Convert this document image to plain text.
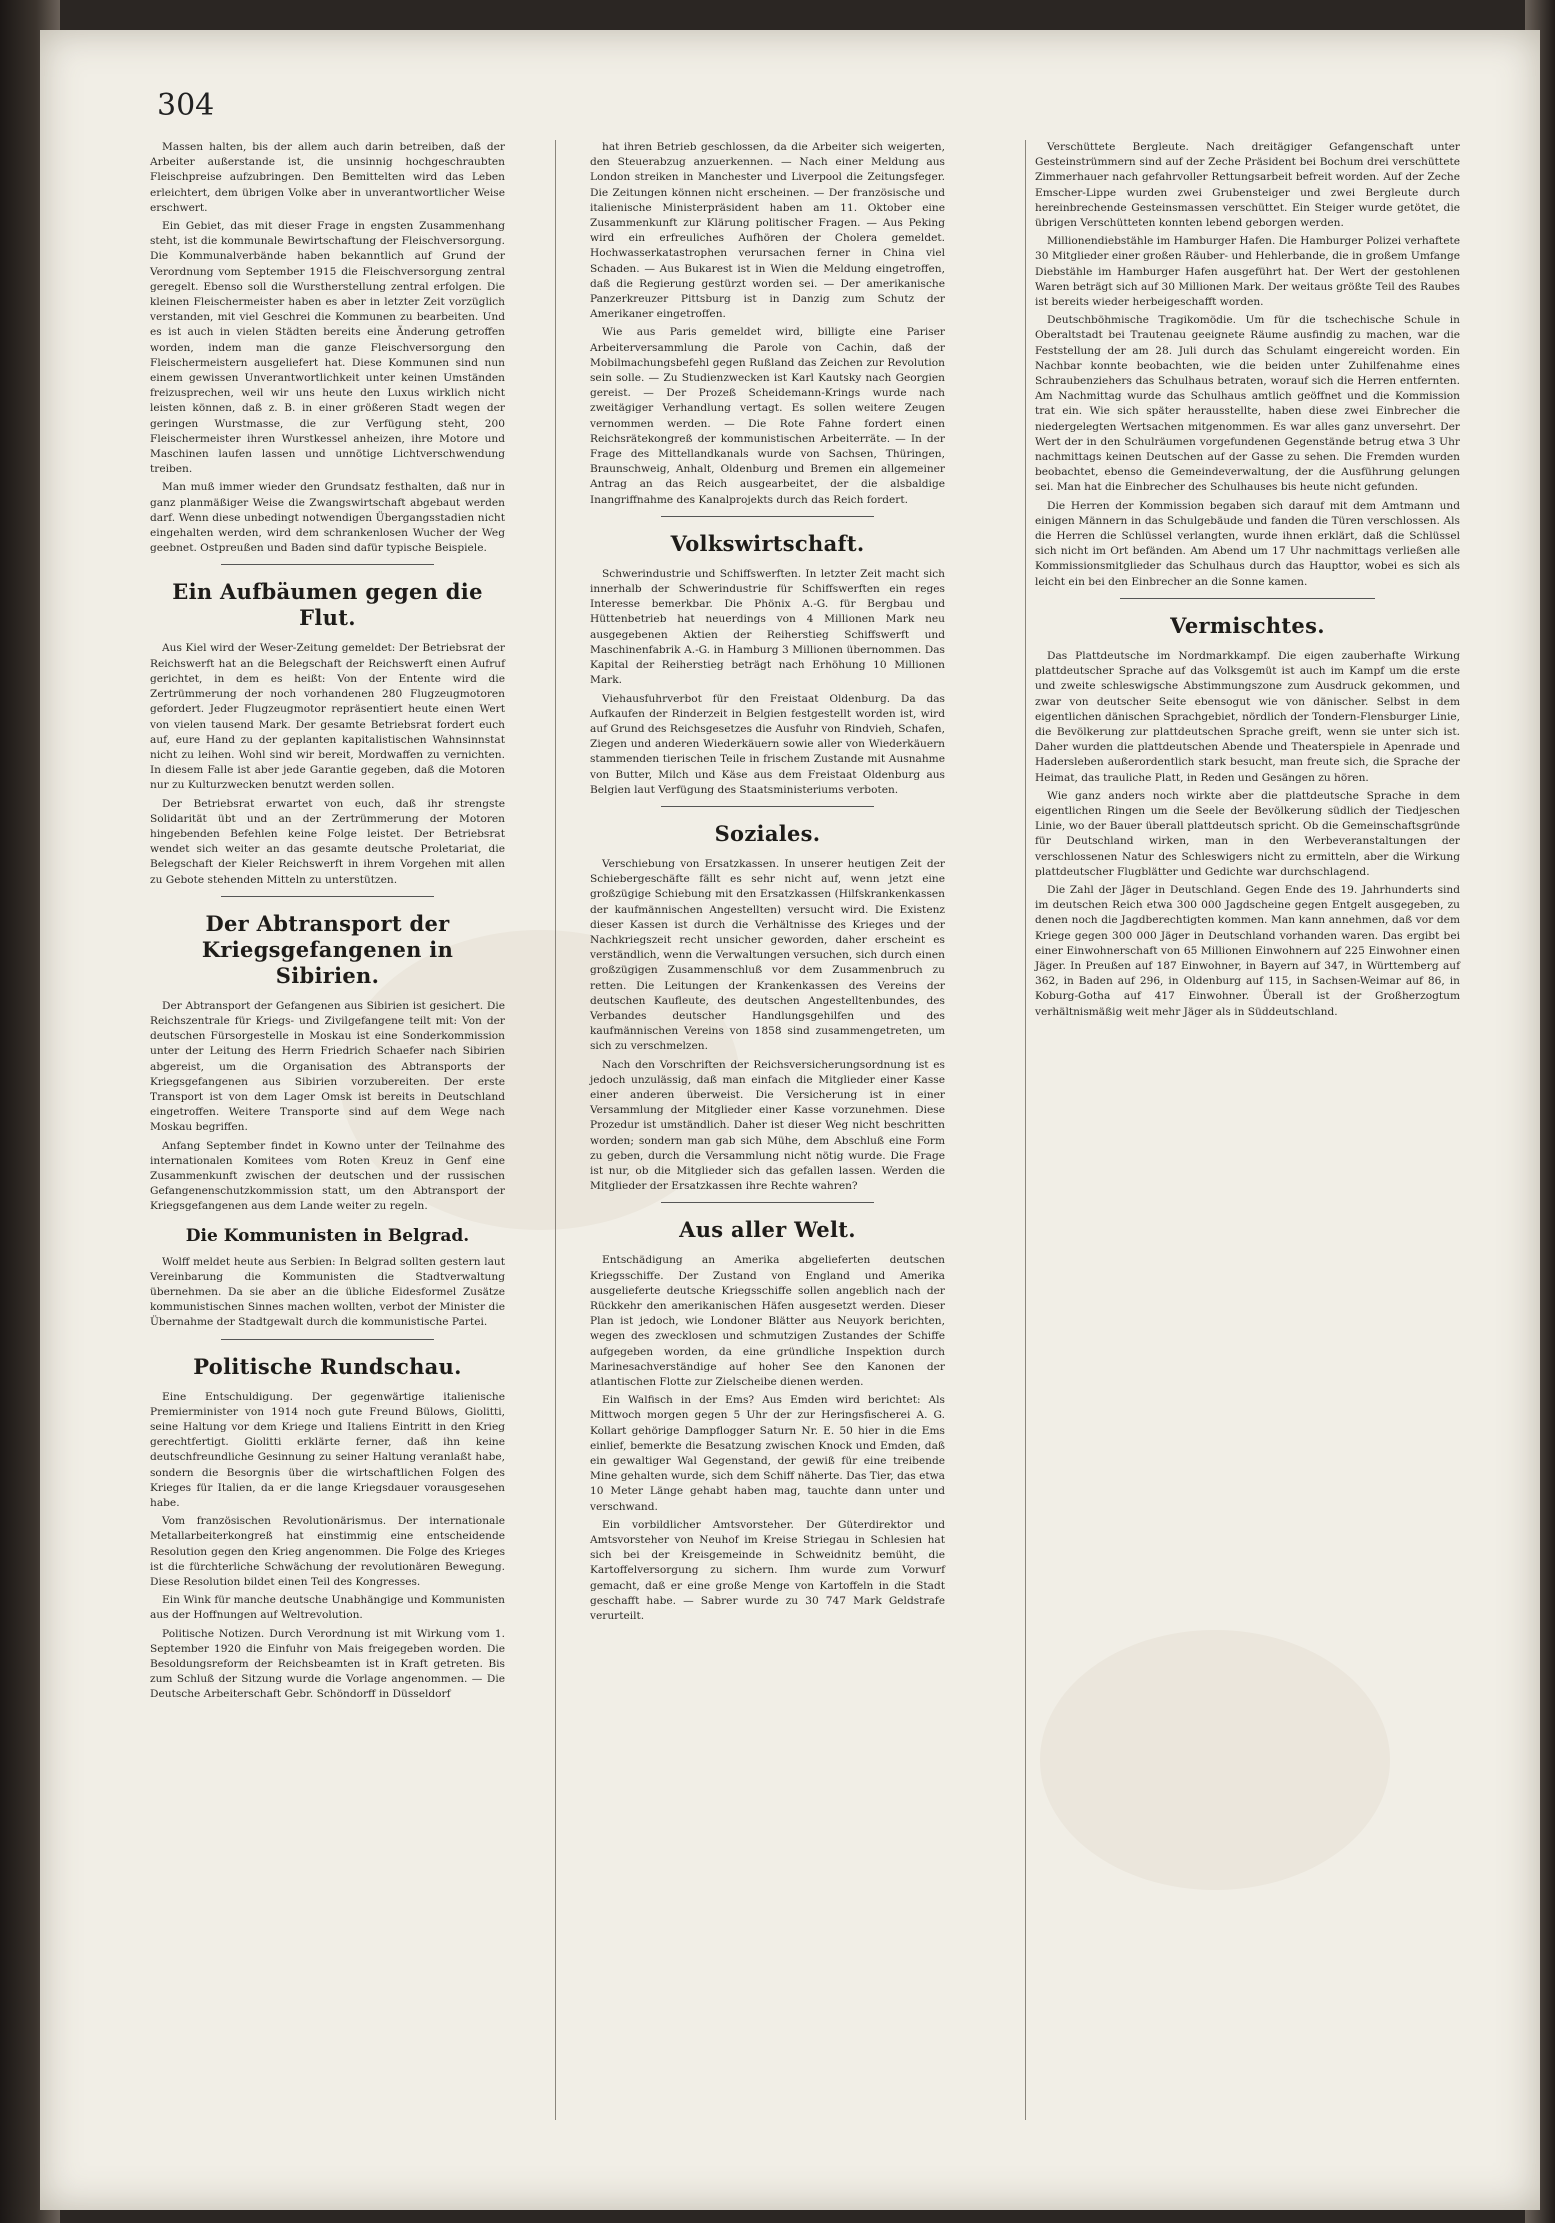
304

Massen halten, bis der allem auch darin betreiben, daß der Arbeiter außerstande ist, die unsinnig hochgeschraubten Fleischpreise aufzubringen. Den Bemittelten wird das Leben erleichtert, dem übrigen Volke aber in unverantwortlicher Weise erschwert.

Ein Gebiet, das mit dieser Frage in engsten Zusammenhang steht, ist die kommunale Bewirtschaftung der Fleischversorgung. Die Kommunalverbände haben bekanntlich auf Grund der Verordnung vom September 1915 die Fleischversorgung zentral geregelt. Ebenso soll die Wurstherstellung zentral erfolgen. Die kleinen Fleischermeister haben es aber in letzter Zeit vorzüglich verstanden, mit viel Geschrei die Kommunen zu bearbeiten. Und es ist auch in vielen Städten bereits eine Änderung getroffen worden, indem man die ganze Fleischversorgung den Fleischermeistern ausgeliefert hat. Diese Kommunen sind nun einem gewissen Unverantwortlichkeit unter keinen Umständen freizusprechen, weil wir uns heute den Luxus wirklich nicht leisten können, daß z. B. in einer größeren Stadt wegen der geringen Wurstmasse, die zur Verfügung steht, 200 Fleischermeister ihren Wurstkessel anheizen, ihre Motore und Maschinen laufen lassen und unnötige Lichtverschwendung treiben.

Man muß immer wieder den Grundsatz festhalten, daß nur in ganz planmäßiger Weise die Zwangswirtschaft abgebaut werden darf. Wenn diese unbedingt notwendigen Übergangsstadien nicht eingehalten werden, wird dem schrankenlosen Wucher der Weg geebnet. Ostpreußen und Baden sind dafür typische Beispiele.

Ein Aufbäumen gegen die Flut.

Aus Kiel wird der Weser-Zeitung gemeldet: Der Betriebsrat der Reichswerft hat an die Belegschaft der Reichswerft einen Aufruf gerichtet, in dem es heißt: Von der Entente wird die Zertrümmerung der noch vorhandenen 280 Flugzeugmotoren gefordert. Jeder Flugzeugmotor repräsentiert heute einen Wert von vielen tausend Mark. Der gesamte Betriebsrat fordert euch auf, eure Hand zu der geplanten kapitalistischen Wahnsinnstat nicht zu leihen. Wohl sind wir bereit, Mordwaffen zu vernichten. In diesem Falle ist aber jede Garantie gegeben, daß die Motoren nur zu Kulturzwecken benutzt werden sollen.

Der Betriebsrat erwartet von euch, daß ihr strengste Solidarität übt und an der Zertrümmerung der Motoren hingebenden Befehlen keine Folge leistet. Der Betriebsrat wendet sich weiter an das gesamte deutsche Proletariat, die Belegschaft der Kieler Reichswerft in ihrem Vorgehen mit allen zu Gebote stehenden Mitteln zu unterstützen.

Der Abtransport der Kriegsgefangenen in Sibirien.

Der Abtransport der Gefangenen aus Sibirien ist gesichert. Die Reichszentrale für Kriegs- und Zivilgefangene teilt mit: Von der deutschen Fürsorgestelle in Moskau ist eine Sonderkommission unter der Leitung des Herrn Friedrich Schaefer nach Sibirien abgereist, um die Organisation des Abtransports der Kriegsgefangenen aus Sibirien vorzubereiten. Der erste Transport ist von dem Lager Omsk ist bereits in Deutschland eingetroffen. Weitere Transporte sind auf dem Wege nach Moskau begriffen.

Anfang September findet in Kowno unter der Teilnahme des internationalen Komitees vom Roten Kreuz in Genf eine Zusammenkunft zwischen der deutschen und der russischen Gefangenenschutzkommission statt, um den Abtransport der Kriegsgefangenen aus dem Lande weiter zu regeln.

Die Kommunisten in Belgrad.

Wolff meldet heute aus Serbien: In Belgrad sollten gestern laut Vereinbarung die Kommunisten die Stadtverwaltung übernehmen. Da sie aber an die übliche Eidesformel Zusätze kommunistischen Sinnes machen wollten, verbot der Minister die Übernahme der Stadtgewalt durch die kommunistische Partei.

Politische Rundschau.

Eine Entschuldigung. Der gegenwärtige italienische Premierminister von 1914 noch gute Freund Bülows, Giolitti, seine Haltung vor dem Kriege und Italiens Eintritt in den Krieg gerechtfertigt. Giolitti erklärte ferner, daß ihn keine deutschfreundliche Gesinnung zu seiner Haltung veranlaßt habe, sondern die Besorgnis über die wirtschaftlichen Folgen des Krieges für Italien, da er die lange Kriegsdauer vorausgesehen habe.

Vom französischen Revolutionärismus. Der internationale Metallarbeiterkongreß hat einstimmig eine entscheidende Resolution gegen den Krieg angenommen. Die Folge des Krieges ist die fürchterliche Schwächung der revolutionären Bewegung. Diese Resolution bildet einen Teil des Kongresses.

Ein Wink für manche deutsche Unabhängige und Kommunisten aus der Hoffnungen auf Weltrevolution.

Politische Notizen. Durch Verordnung ist mit Wirkung vom 1. September 1920 die Einfuhr von Mais freigegeben worden. Die Besoldungsreform der Reichsbeamten ist in Kraft getreten. Bis zum Schluß der Sitzung wurde die Vorlage angenommen. — Die Deutsche Arbeiterschaft Gebr. Schöndorff in Düsseldorf

hat ihren Betrieb geschlossen, da die Arbeiter sich weigerten, den Steuerabzug anzuerkennen. — Nach einer Meldung aus London streiken in Manchester und Liverpool die Zeitungsfeger. Die Zeitungen können nicht erscheinen. — Der französische und italienische Ministerpräsident haben am 11. Oktober eine Zusammenkunft zur Klärung politischer Fragen. — Aus Peking wird ein erfreuliches Aufhören der Cholera gemeldet. Hochwasserkatastrophen verursachen ferner in China viel Schaden. — Aus Bukarest ist in Wien die Meldung eingetroffen, daß die Regierung gestürzt worden sei. — Der amerikanische Panzerkreuzer Pittsburg ist in Danzig zum Schutz der Amerikaner eingetroffen.

Wie aus Paris gemeldet wird, billigte eine Pariser Arbeiterversammlung die Parole von Cachin, daß der Mobilmachungsbefehl gegen Rußland das Zeichen zur Revolution sein solle. — Zu Studienzwecken ist Karl Kautsky nach Georgien gereist. — Der Prozeß Scheidemann-Krings wurde nach zweitägiger Verhandlung vertagt. Es sollen weitere Zeugen vernommen werden. — Die Rote Fahne fordert einen Reichsrätekongreß der kommunistischen Arbeiterräte. — In der Frage des Mittellandkanals wurde von Sachsen, Thüringen, Braunschweig, Anhalt, Oldenburg und Bremen ein allgemeiner Antrag an das Reich ausgearbeitet, der die alsbaldige Inangriffnahme des Kanalprojekts durch das Reich fordert.

Volkswirtschaft.

Schwerindustrie und Schiffswerften. In letzter Zeit macht sich innerhalb der Schwerindustrie für Schiffswerften ein reges Interesse bemerkbar. Die Phönix A.-G. für Bergbau und Hüttenbetrieb hat neuerdings von 4 Millionen Mark neu ausgegebenen Aktien der Reiherstieg Schiffswerft und Maschinenfabrik A.-G. in Hamburg 3 Millionen übernommen. Das Kapital der Reiherstieg beträgt nach Erhöhung 10 Millionen Mark.

Viehausfuhrverbot für den Freistaat Oldenburg. Da das Aufkaufen der Rinderzeit in Belgien festgestellt worden ist, wird auf Grund des Reichsgesetzes die Ausfuhr von Rindvieh, Schafen, Ziegen und anderen Wiederkäuern sowie aller von Wiederkäuern stammenden tierischen Teile in frischem Zustande mit Ausnahme von Butter, Milch und Käse aus dem Freistaat Oldenburg aus Belgien laut Verfügung des Staatsministeriums verboten.

Soziales.

Verschiebung von Ersatzkassen. In unserer heutigen Zeit der Schiebergeschäfte fällt es sehr nicht auf, wenn jetzt eine großzügige Schiebung mit den Ersatzkassen (Hilfskrankenkassen der kaufmännischen Angestellten) versucht wird. Die Existenz dieser Kassen ist durch die Verhältnisse des Krieges und der Nachkriegszeit recht unsicher geworden, daher erscheint es verständlich, wenn die Verwaltungen versuchen, sich durch einen großzügigen Zusammenschluß vor dem Zusammenbruch zu retten. Die Leitungen der Krankenkassen des Vereins der deutschen Kaufleute, des deutschen Angestelltenbundes, des Verbandes deutscher Handlungsgehilfen und des kaufmännischen Vereins von 1858 sind zusammengetreten, um sich zu verschmelzen.

Nach den Vorschriften der Reichsversicherungsordnung ist es jedoch unzulässig, daß man einfach die Mitglieder einer Kasse einer anderen überweist. Die Versicherung ist in einer Versammlung der Mitglieder einer Kasse vorzunehmen. Diese Prozedur ist umständlich. Daher ist dieser Weg nicht beschritten worden; sondern man gab sich Mühe, dem Abschluß eine Form zu geben, durch die Versammlung nicht nötig wurde. Die Frage ist nur, ob die Mitglieder sich das gefallen lassen. Werden die Mitglieder der Ersatzkassen ihre Rechte wahren?

Aus aller Welt.

Entschädigung an Amerika abgelieferten deutschen Kriegsschiffe. Der Zustand von England und Amerika ausgelieferte deutsche Kriegsschiffe sollen angeblich nach der Rückkehr den amerikanischen Häfen ausgesetzt werden. Dieser Plan ist jedoch, wie Londoner Blätter aus Neuyork berichten, wegen des zwecklosen und schmutzigen Zustandes der Schiffe aufgegeben worden, da eine gründliche Inspektion durch Marinesachverständige auf hoher See den Kanonen der atlantischen Flotte zur Zielscheibe dienen werden.

Ein Walfisch in der Ems? Aus Emden wird berichtet: Als Mittwoch morgen gegen 5 Uhr der zur Heringsfischerei A. G. Kollart gehörige Dampflogger Saturn Nr. E. 50 hier in die Ems einlief, bemerkte die Besatzung zwischen Knock und Emden, daß ein gewaltiger Wal Gegenstand, der gewiß für eine treibende Mine gehalten wurde, sich dem Schiff näherte. Das Tier, das etwa 10 Meter Länge gehabt haben mag, tauchte dann unter und verschwand.

Ein vorbildlicher Amtsvorsteher. Der Güterdirektor und Amtsvorsteher von Neuhof im Kreise Striegau in Schlesien hat sich bei der Kreisgemeinde in Schweidnitz bemüht, die Kartoffelversorgung zu sichern. Ihm wurde zum Vorwurf gemacht, daß er eine große Menge von Kartoffeln in die Stadt geschafft habe. — Sabrer wurde zu 30 747 Mark Geldstrafe verurteilt.

Verschüttete Bergleute. Nach dreitägiger Gefangenschaft unter Gesteinstrümmern sind auf der Zeche Präsident bei Bochum drei verschüttete Zimmerhauer nach gefahrvoller Rettungsarbeit befreit worden. Auf der Zeche Emscher-Lippe wurden zwei Grubensteiger und zwei Bergleute durch hereinbrechende Gesteinsmassen verschüttet. Ein Steiger wurde getötet, die übrigen Verschütteten konnten lebend geborgen werden.

Millionendiebstähle im Hamburger Hafen. Die Hamburger Polizei verhaftete 30 Mitglieder einer großen Räuber- und Hehlerbande, die in großem Umfange Diebstähle im Hamburger Hafen ausgeführt hat. Der Wert der gestohlenen Waren beträgt sich auf 30 Millionen Mark. Der weitaus größte Teil des Raubes ist bereits wieder herbeigeschafft worden.

Deutschböhmische Tragikomödie. Um für die tschechische Schule in Oberaltstadt bei Trautenau geeignete Räume ausfindig zu machen, war die Feststellung der am 28. Juli durch das Schulamt eingereicht worden. Ein Nachbar konnte beobachten, wie die beiden unter Zuhilfenahme eines Schraubenziehers das Schulhaus betraten, worauf sich die Herren entfernten. Am Nachmittag wurde das Schulhaus amtlich geöffnet und die Kommission trat ein. Wie sich später herausstellte, haben diese zwei Einbrecher die niedergelegten Wertsachen mitgenommen. Es war alles ganz unversehrt. Der Wert der in den Schulräumen vorgefundenen Gegenstände betrug etwa 3 Uhr nachmittags keinen Deutschen auf der Gasse zu sehen. Die Fremden wurden beobachtet, ebenso die Gemeindeverwaltung, der die Ausführung gelungen sei. Man hat die Einbrecher des Schulhauses bis heute nicht gefunden.

Die Herren der Kommission begaben sich darauf mit dem Amtmann und einigen Männern in das Schulgebäude und fanden die Türen verschlossen. Als die Herren die Schlüssel verlangten, wurde ihnen erklärt, daß die Schlüssel sich nicht im Ort befänden. Am Abend um 17 Uhr nachmittags verließen alle Kommissionsmitglieder das Schulhaus durch das Haupttor, wobei es sich als leicht ein bei den Einbrecher an die Sonne kamen.

Vermischtes.

Das Plattdeutsche im Nordmarkkampf. Die eigen zauberhafte Wirkung plattdeutscher Sprache auf das Volksgemüt ist auch im Kampf um die erste und zweite schleswigsche Abstimmungszone zum Ausdruck gekommen, und zwar von deutscher Seite ebensogut wie von dänischer. Selbst in dem eigentlichen dänischen Sprachgebiet, nördlich der Tondern-Flensburger Linie, die Bevölkerung zur plattdeutschen Sprache greift, wenn sie unter sich ist. Daher wurden die plattdeutschen Abende und Theaterspiele in Apenrade und Hadersleben außerordentlich stark besucht, man freute sich, die Sprache der Heimat, das trauliche Platt, in Reden und Gesängen zu hören.

Wie ganz anders noch wirkte aber die plattdeutsche Sprache in dem eigentlichen Ringen um die Seele der Bevölkerung südlich der Tiedjeschen Linie, wo der Bauer überall plattdeutsch spricht. Ob die Gemeinschaftsgründe für Deutschland wirken, man in den Werbeveranstaltungen der verschlossenen Natur des Schleswigers nicht zu ermitteln, aber die Wirkung plattdeutscher Flugblätter und Gedichte war durchschlagend.

Die Zahl der Jäger in Deutschland. Gegen Ende des 19. Jahrhunderts sind im deutschen Reich etwa 300 000 Jagdscheine gegen Entgelt ausgegeben, zu denen noch die Jagdberechtigten kommen. Man kann annehmen, daß vor dem Kriege gegen 300 000 Jäger in Deutschland vorhanden waren. Das ergibt bei einer Einwohnerschaft von 65 Millionen Einwohnern auf 225 Einwohner einen Jäger. In Preußen auf 187 Einwohner, in Bayern auf 347, in Württemberg auf 362, in Baden auf 296, in Oldenburg auf 115, in Sachsen-Weimar auf 86, in Koburg-Gotha auf 417 Einwohner. Überall ist der Großherzogtum verhältnismäßig weit mehr Jäger als in Süddeutschland.
